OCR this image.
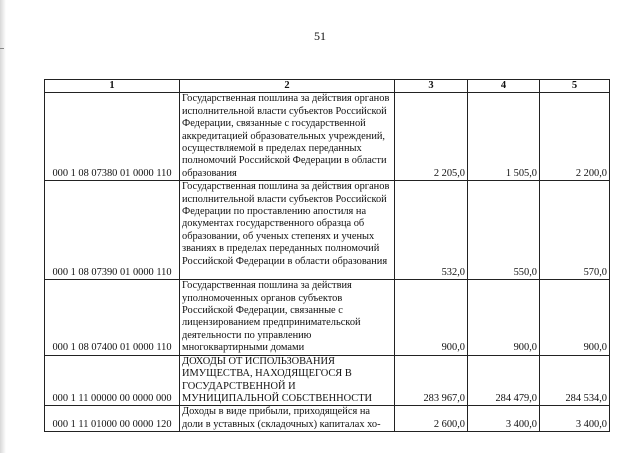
51
1	2	3	4	5
000 1 08 07380 01 0000 110	Государственная пошлина за действия органов исполнительной власти субъектов Российской Федерации, связанные с государственной аккредитацией образовательных учреждений, осуществляемой в пределах переданных полномочий Российской Федерации в области образования	2 205,0	1 505,0	2 200,0
000 1 08 07390 01 0000 110	Государственная пошлина за действия органов исполнительной власти субъектов Российской Федерации по проставлению апостиля на документах государственного образца об образовании, об ученых степенях и ученых званиях в пределах переданных полномочий Российской Федерации в области образования	532,0	550,0	570,0
000 1 08 07400 01 0000 110	Государственная пошлина за действия уполномоченных органов субъектов Российской Федерации, связанные с лицензированием предпринимательской деятельности по управлению многоквартирными домами	900,0	900,0	900,0
000 1 11 00000 00 0000 000	ДОХОДЫ ОТ ИСПОЛЬЗОВАНИЯ ИМУЩЕСТВА, НАХОДЯЩЕГОСЯ В ГОСУДАРСТВЕННОЙ И МУНИЦИПАЛЬНОЙ СОБСТВЕННОСТИ	283 967,0	284 479,0	284 534,0
000 1 11 01000 00 0000 120	Доходы в виде прибыли, приходящейся на доли в уставных (складочных) капиталах хо-	2 600,0	3 400,0	3 400,0
